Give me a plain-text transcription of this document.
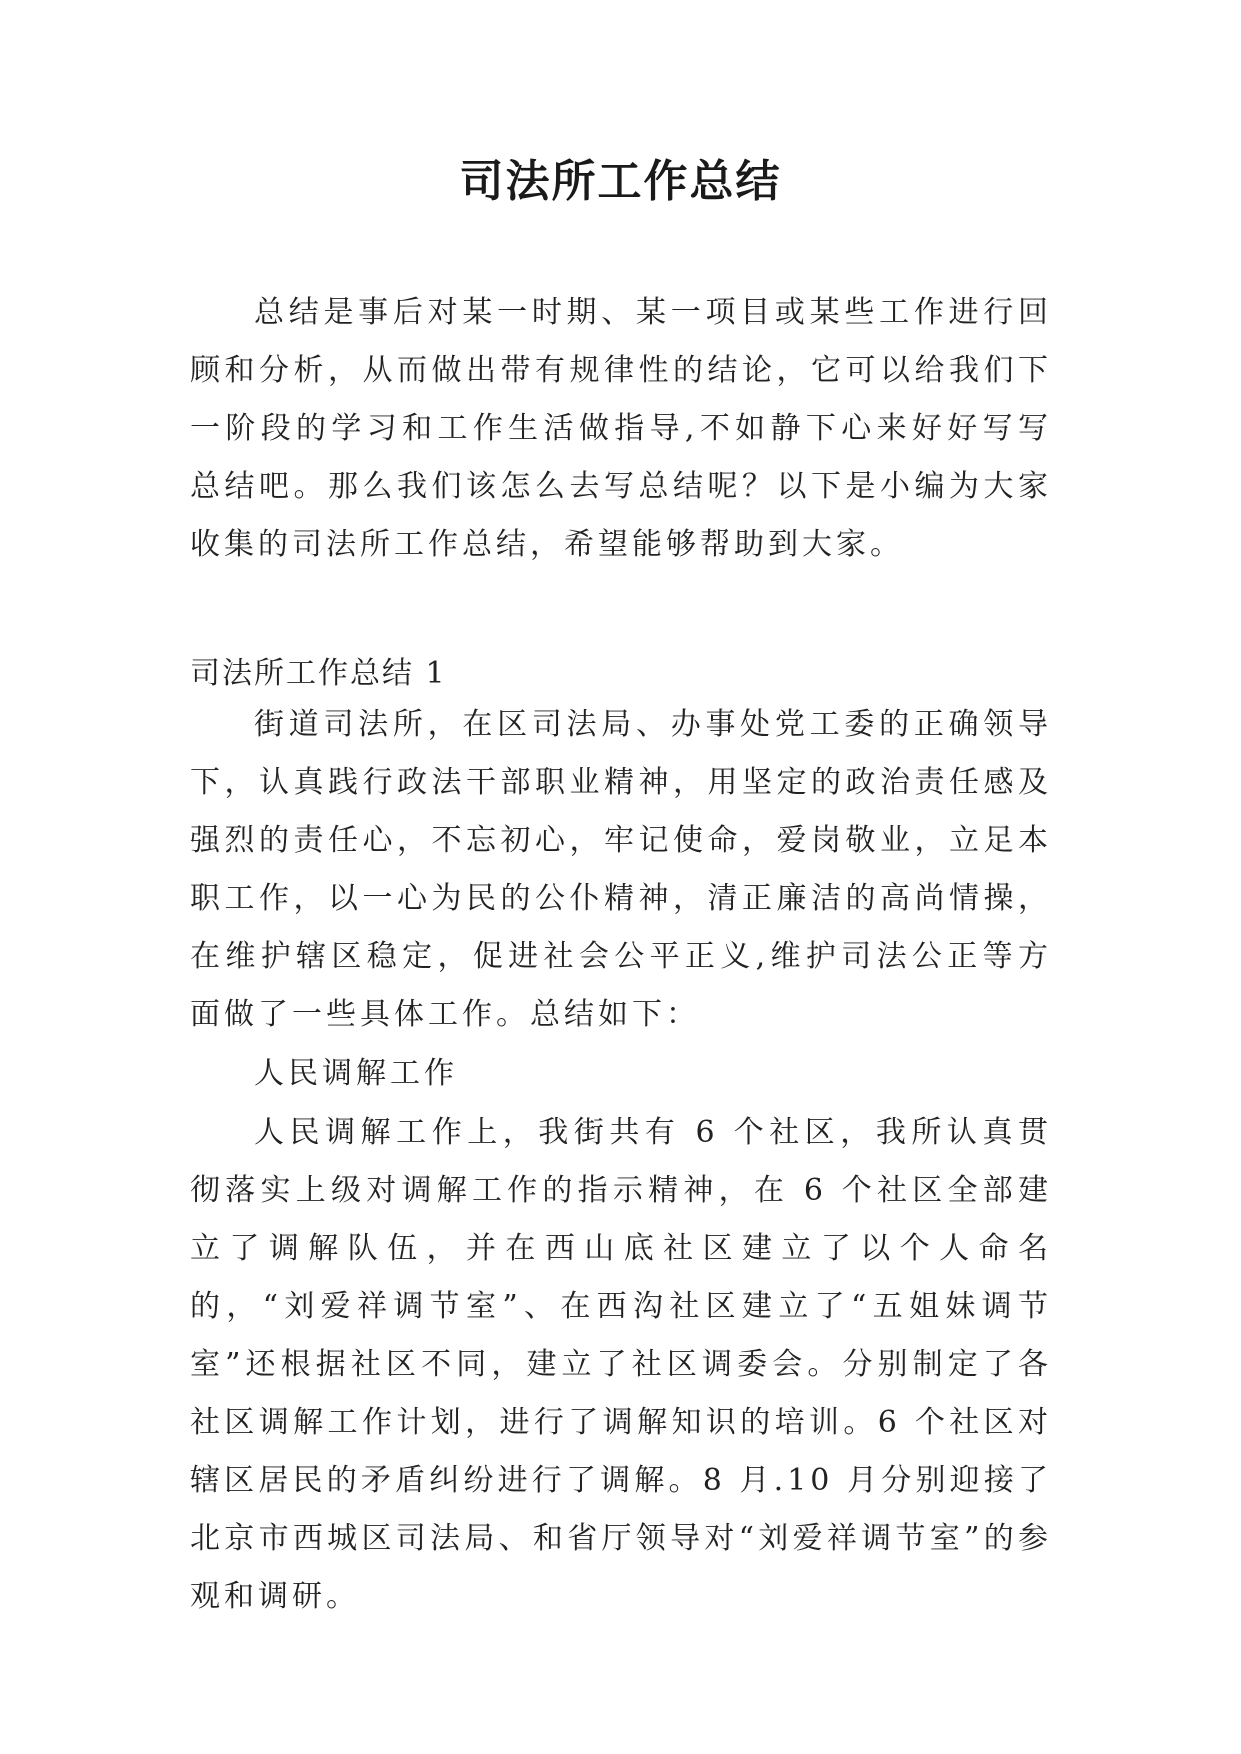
司法所工作总结

总结是事后对某一时期、某一项目或某些工作进行回顾和分析，从而做出带有规律性的结论，它可以给我们下一阶段的学习和工作生活做指导,不如静下心来好好写写总结吧。那么我们该怎么去写总结呢？以下是小编为大家收集的司法所工作总结，希望能够帮助到大家。

司法所工作总结 1

街道司法所，在区司法局、办事处党工委的正确领导下，认真践行政法干部职业精神，用坚定的政治责任感及强烈的责任心，不忘初心，牢记使命，爱岗敬业，立足本职工作，以一心为民的公仆精神，清正廉洁的高尚情操，在维护辖区稳定，促进社会公平正义,维护司法公正等方面做了一些具体工作。总结如下：

人民调解工作

人民调解工作上，我街共有 6 个社区，我所认真贯彻落实上级对调解工作的指示精神，在 6 个社区全部建立了调解队伍，并在西山底社区建立了以个人命名的，“刘爱祥调节室”、在西沟社区建立了“五姐妹调节室”还根据社区不同，建立了社区调委会。分别制定了各社区调解工作计划，进行了调解知识的培训。6 个社区对辖区居民的矛盾纠纷进行了调解。8 月.10 月分别迎接了北京市西城区司法局、和省厅领导对“刘爱祥调节室”的参观和调研。
